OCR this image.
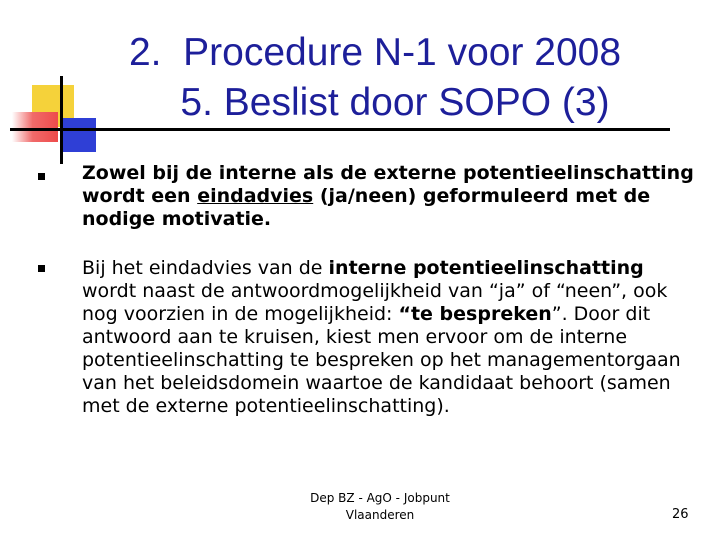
2.  Procedure N-1 voor 2008
5. Beslist door SOPO (3)
Zowel bij de interne als de externe potentieelinschatting wordt een eindadvies (ja/neen) geformuleerd met de nodige motivatie.
Bij het eindadvies van de interne potentieelinschatting wordt naast de antwoordmogelijkheid van “ja” of “neen”, ook nog voorzien in de mogelijkheid: “te bespreken”. Door dit antwoord aan te kruisen, kiest men ervoor om de interne potentieelinschatting te bespreken op het managementorgaan van het beleidsdomein waartoe de kandidaat behoort (samen met de externe potentieelinschatting).
Dep BZ - AgO - Jobpunt
Vlaanderen	26
